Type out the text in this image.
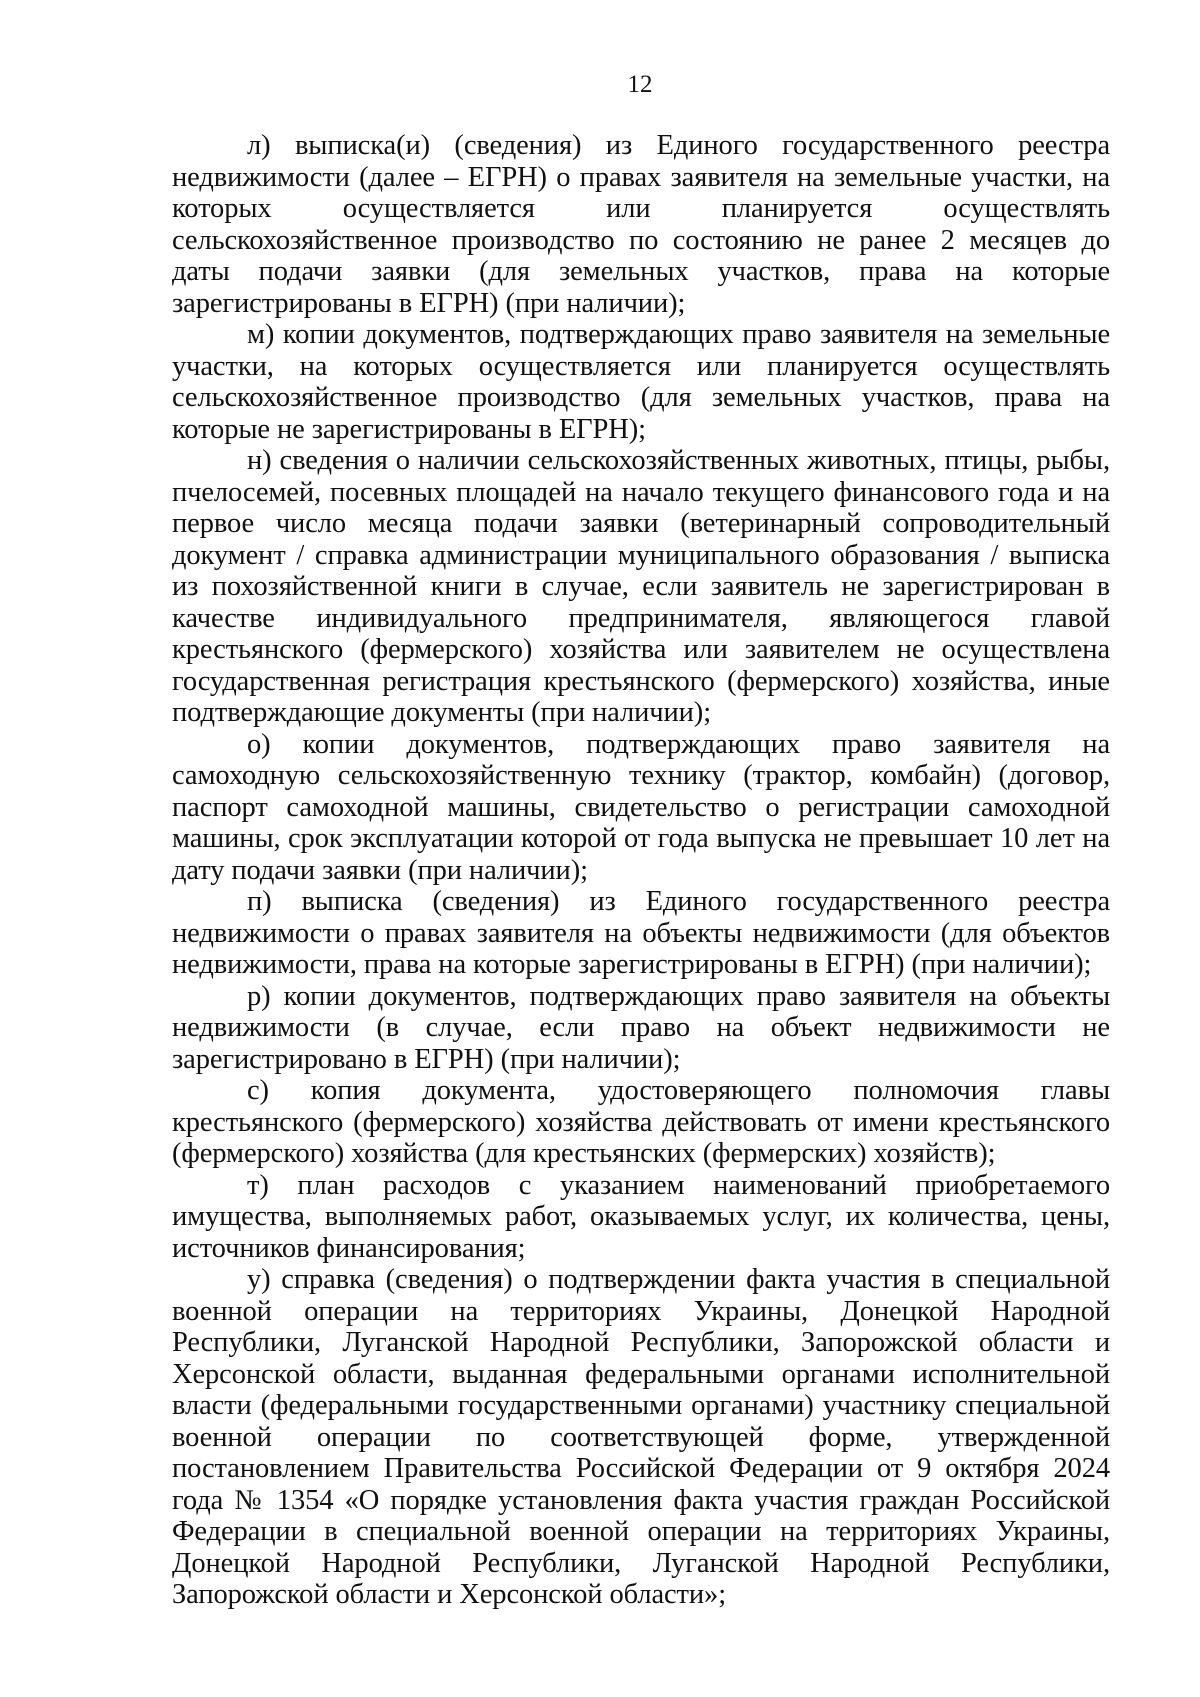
12

л) выписка(и) (сведения) из Единого государственного реестра недвижимости (далее – ЕГРН) о правах заявителя на земельные участки, на которых осуществляется или планируется осуществлять сельскохозяйственное производство по состоянию не ранее 2 месяцев до даты подачи заявки (для земельных участков, права на которые зарегистрированы в ЕГРН) (при наличии);

м) копии документов, подтверждающих право заявителя на земельные участки, на которых осуществляется или планируется осуществлять сельскохозяйственное производство (для земельных участков, права на которые не зарегистрированы в ЕГРН);

н) сведения о наличии сельскохозяйственных животных, птицы, рыбы, пчелосемей, посевных площадей на начало текущего финансового года и на первое число месяца подачи заявки (ветеринарный сопроводительный документ / справка администрации муниципального образования / выписка из похозяйственной книги в случае, если заявитель не зарегистрирован в качестве индивидуального предпринимателя, являющегося главой крестьянского (фермерского) хозяйства или заявителем не осуществлена государственная регистрация крестьянского (фермерского) хозяйства, иные подтверждающие документы (при наличии);

о) копии документов, подтверждающих право заявителя на самоходную сельскохозяйственную технику (трактор, комбайн) (договор, паспорт самоходной машины, свидетельство о регистрации самоходной машины, срок эксплуатации которой от года выпуска не превышает 10 лет на дату подачи заявки (при наличии);

п) выписка (сведения) из Единого государственного реестра недвижимости о правах заявителя на объекты недвижимости (для объектов недвижимости, права на которые зарегистрированы в ЕГРН) (при наличии);

р) копии документов, подтверждающих право заявителя на объекты недвижимости (в случае, если право на объект недвижимости не зарегистрировано в ЕГРН) (при наличии);

с) копия документа, удостоверяющего полномочия главы крестьянского (фермерского) хозяйства действовать от имени крестьянского (фермерского) хозяйства (для крестьянских (фермерских) хозяйств);

т) план расходов с указанием наименований приобретаемого имущества, выполняемых работ, оказываемых услуг, их количества, цены, источников финансирования;

у) справка (сведения) о подтверждении факта участия в специальной военной операции на территориях Украины, Донецкой Народной Республики, Луганской Народной Республики, Запорожской области и Херсонской области, выданная федеральными органами исполнительной власти (федеральными государственными органами) участнику специальной военной операции по соответствующей форме, утвержденной постановлением Правительства Российской Федерации от 9 октября 2024 года № 1354 «О порядке установления факта участия граждан Российской Федерации в специальной военной операции на территориях Украины, Донецкой Народной Республики, Луганской Народной Республики, Запорожской области и Херсонской области»;
